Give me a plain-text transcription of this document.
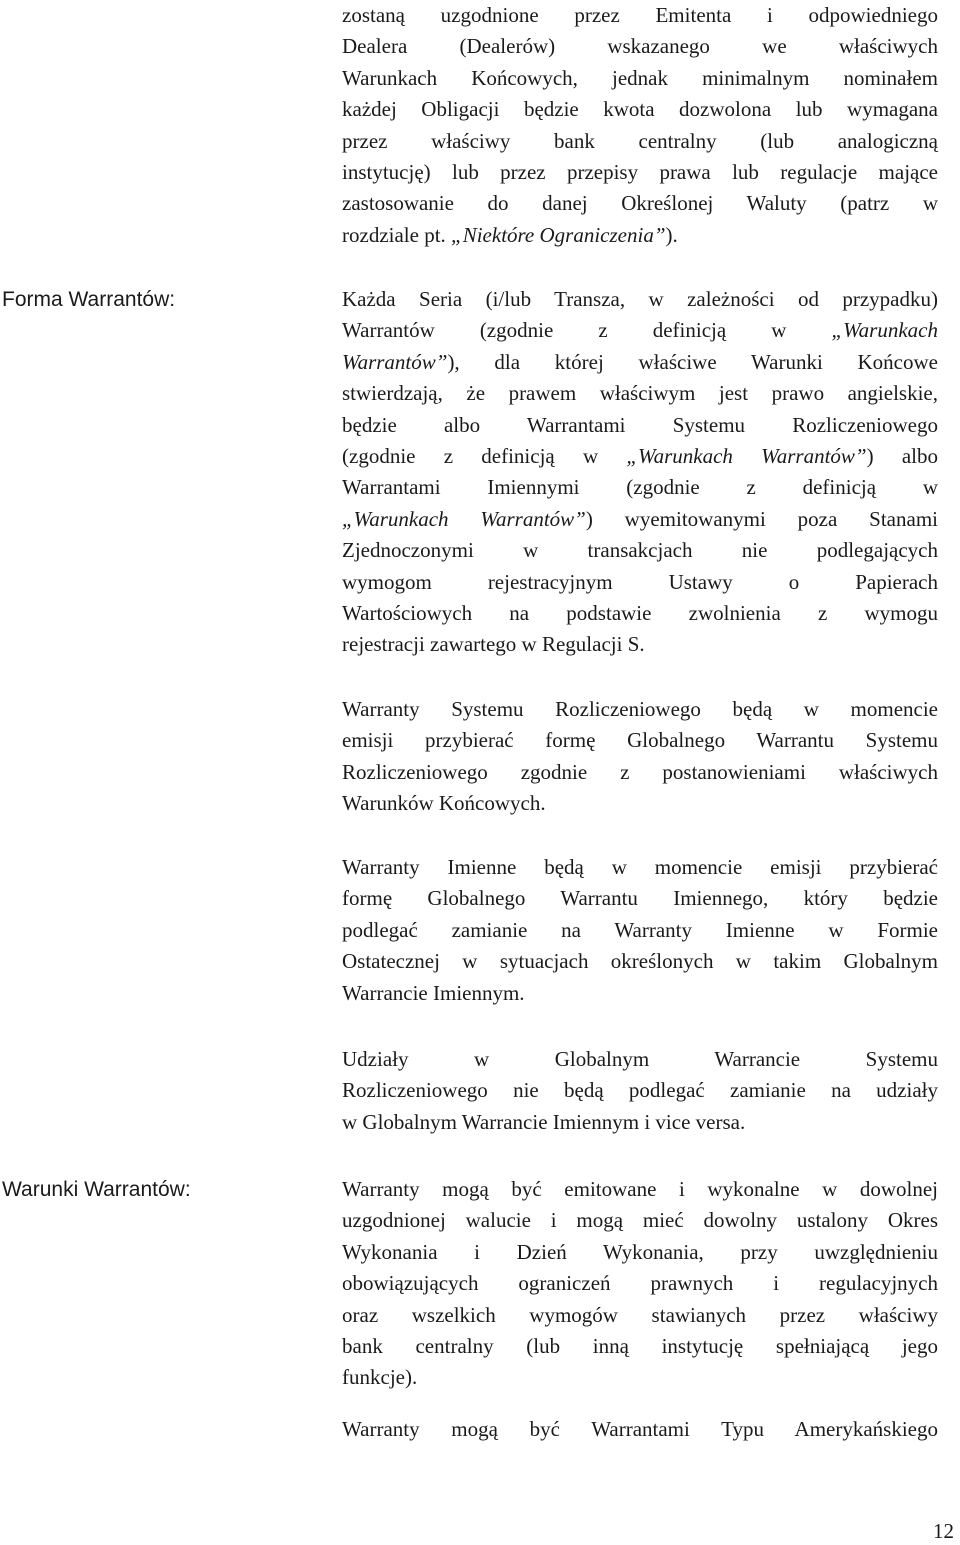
zostaną uzgodnione przez Emitenta i odpowiedniego
Dealera (Dealerów) wskazanego we właściwych
Warunkach Końcowych, jednak minimalnym nominałem
każdej Obligacji będzie kwota dozwolona lub wymagana
przez właściwy bank centralny (lub analogiczną
instytucję) lub przez przepisy prawa lub regulacje mające
zastosowanie do danej Określonej Waluty (patrz w
rozdziale pt. „Niektóre Ograniczenia”).

Forma Warrantów:	Każda Seria (i/lub Transza, w zależności od przypadku)
Warrantów (zgodnie z definicją w „Warunkach
Warrantów”), dla której właściwe Warunki Końcowe
stwierdzają, że prawem właściwym jest prawo angielskie,
będzie albo Warrantami Systemu Rozliczeniowego
(zgodnie z definicją w „Warunkach Warrantów”) albo
Warrantami Imiennymi (zgodnie z definicją w
„Warunkach Warrantów”) wyemitowanymi poza Stanami
Zjednoczonymi w transakcjach nie podlegających
wymogom rejestracyjnym Ustawy o Papierach
Wartościowych na podstawie zwolnienia z wymogu
rejestracji zawartego w Regulacji S.

Warranty Systemu Rozliczeniowego będą w momencie
emisji przybierać formę Globalnego Warrantu Systemu
Rozliczeniowego zgodnie z postanowieniami właściwych
Warunków Końcowych.

Warranty Imienne będą w momencie emisji przybierać
formę Globalnego Warrantu Imiennego, który będzie
podlegać zamianie na Warranty Imienne w Formie
Ostatecznej w sytuacjach określonych w takim Globalnym
Warrancie Imiennym.

Udziały w Globalnym Warrancie Systemu
Rozliczeniowego nie będą podlegać zamianie na udziały
w Globalnym Warrancie Imiennym i vice versa.

Warunki Warrantów:	Warranty mogą być emitowane i wykonalne w dowolnej
uzgodnionej walucie i mogą mieć dowolny ustalony Okres
Wykonania i Dzień Wykonania, przy uwzględnieniu
obowiązujących ograniczeń prawnych i regulacyjnych
oraz wszelkich wymogów stawianych przez właściwy
bank centralny (lub inną instytucję spełniającą jego
funkcje).

Warranty mogą być Warrantami Typu Amerykańskiego

12
